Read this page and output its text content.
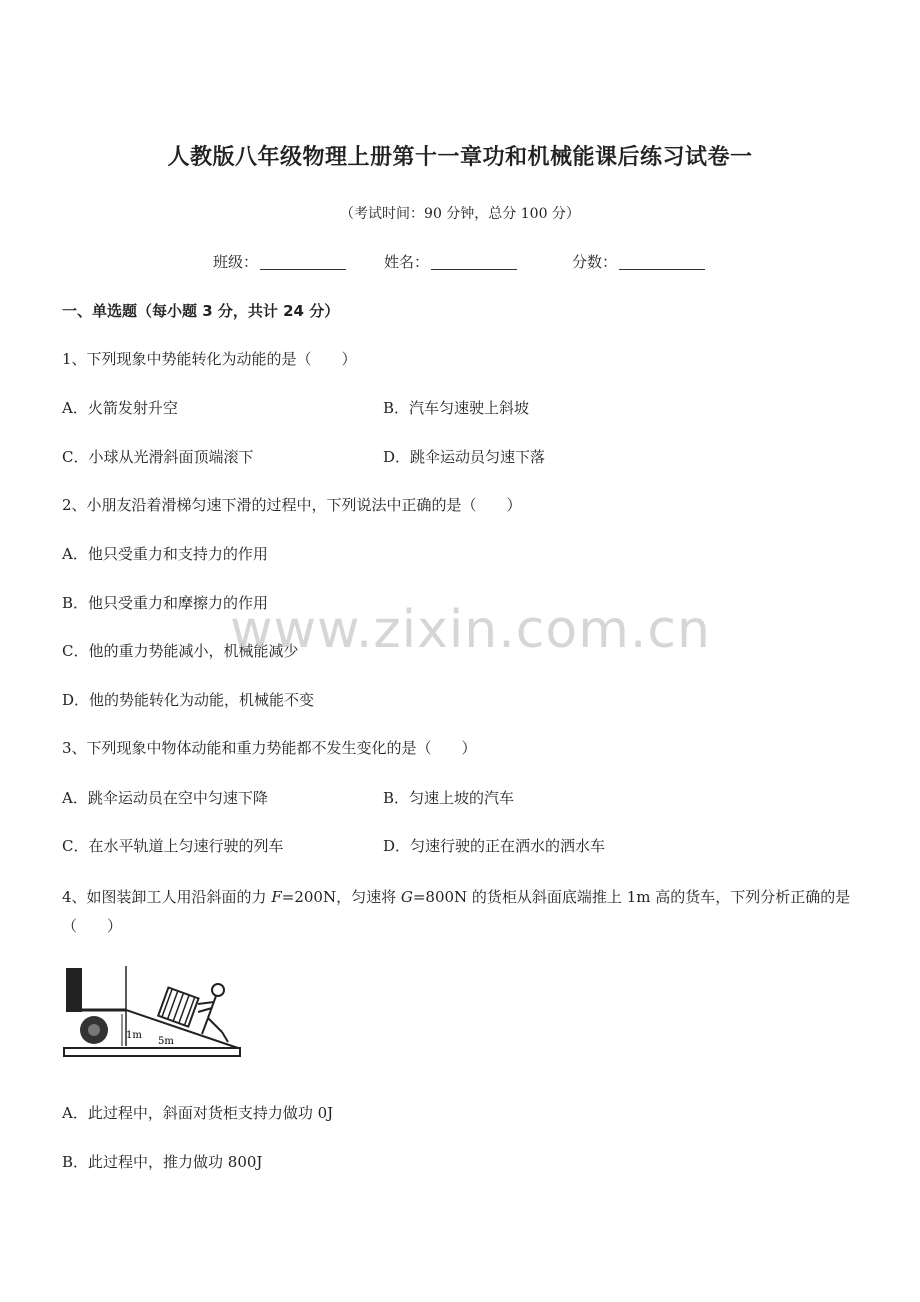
人教版八年级物理上册第十一章功和机械能课后练习试卷一
（考试时间：90 分钟，总分 100 分）
班级：	姓名：	分数：
一、单选题（每小题 3 分，共计 24 分）
1、下列现象中势能转化为动能的是（　　）
A．火箭发射升空	B．汽车匀速驶上斜坡
C．小球从光滑斜面顶端滚下	D．跳伞运动员匀速下落
2、小朋友沿着滑梯匀速下滑的过程中，下列说法中正确的是（　　）
A．他只受重力和支持力的作用
B．他只受重力和摩擦力的作用
C．他的重力势能减小，机械能减少
D．他的势能转化为动能，机械能不变
3、下列现象中物体动能和重力势能都不发生变化的是（　　）
A．跳伞运动员在空中匀速下降	B．匀速上坡的汽车
C．在水平轨道上匀速行驶的列车	D．匀速行驶的正在洒水的洒水车
4、如图装卸工人用沿斜面的力 F=200N，匀速将 G=800N 的货柜从斜面底端推上 1m 高的货车，下列分析正确的是（　　）
1m
5m
A．此过程中，斜面对货柜支持力做功 0J
B．此过程中，推力做功 800J
www.zixin.com.cn
